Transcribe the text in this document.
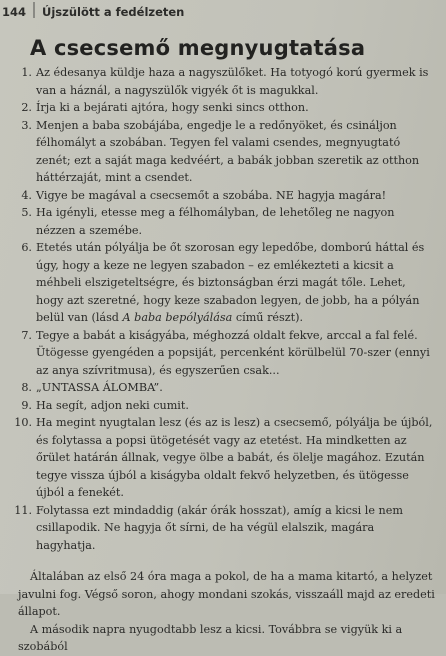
144 Újszülött a fedélzeten
A csecsemő megnyugtatása
1. Az édesanya küldje haza a nagyszülőket. Ha totyogó korú gyermek is van a háznál, a nagyszülők vigyék őt is magukkal.

2. Írja ki a bejárati ajtóra, hogy senki sincs otthon.

3. Menjen a baba szobájába, engedje le a redőnyöket, és csináljon félhomályt a szobában. Tegyen fel valami csendes, megnyugtató zenét; ezt a saját maga kedvéért, a babák jobban szeretik az otthon háttérzaját, mint a csendet.

4. Vigye be magával a csecsemőt a szobába. NE hagyja magára!

5. Ha igényli, etesse meg a félhomályban, de lehetőleg ne nagyon nézzen a szemébe.

6. Etetés után pólyálja be őt szorosan egy lepedőbe, domború háttal és úgy, hogy a keze ne legyen szabadon – ez emlékezteti a kicsit a méhbeli elszigeteltségre, és biztonságban érzi magát tőle. Lehet, hogy azt szeretné, hogy keze szabadon legyen, de jobb, ha a pólyán belül van (lásd A baba bepólyálása című részt).

7. Tegye a babát a kiságyába, méghozzá oldalt fekve, arccal a fal felé. Ütögesse gyengéden a popsiját, percenként körülbelül 70-szer (ennyi az anya szívritmusa), és egyszerűen csak...

8. „UNTASSA ÁLOMBA”.

9. Ha segít, adjon neki cumit.

10. Ha megint nyugtalan lesz (és az is lesz) a csecsemő, pólyálja be újból, és folytassa a popsi ütögetését vagy az etetést. Ha mindketten az őrület határán állnak, vegye ölbe a babát, és ölelje magához. Ezután tegye vissza újból a kiságyba oldalt fekvő helyzetben, és ütögesse újból a fenekét.

11. Folytassa ezt mindaddig (akár órák hosszat), amíg a kicsi le nem csillapodik. Ne hagyja őt sírni, de ha végül elalszik, magára hagyhatja.

Általában az első 24 óra maga a pokol, de ha a mama kitartó, a helyzet javulni fog. Végső soron, ahogy mondani szokás, visszaáll majd az eredeti állapot.

A második napra nyugodtabb lesz a kicsi. Továbbra se vigyük ki a szobából
